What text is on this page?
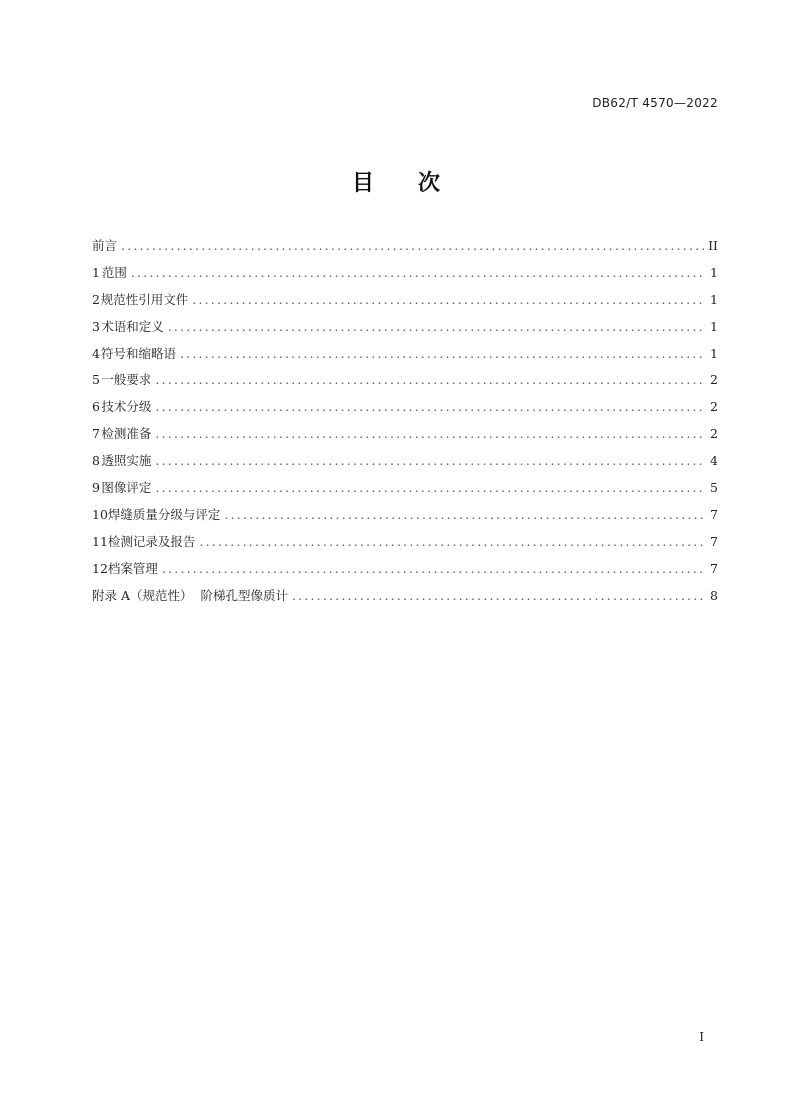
DB62/T 4570—2022
目次
前言 .....	II
1 范围 .....	1
2 规范性引用文件 .....	1
3 术语和定义 .....	1
4 符号和缩略语 .....	1
5 一般要求 .....	2
6 技术分级 .....	2
7 检测准备 .....	2
8 透照实施 .....	4
9 图像评定 .....	5
10 焊缝质量分级与评定 .....	7
11 检测记录及报告 .....	7
12 档案管理 .....	7
附录 A（规范性）  阶梯孔型像质计 .....	8
I
